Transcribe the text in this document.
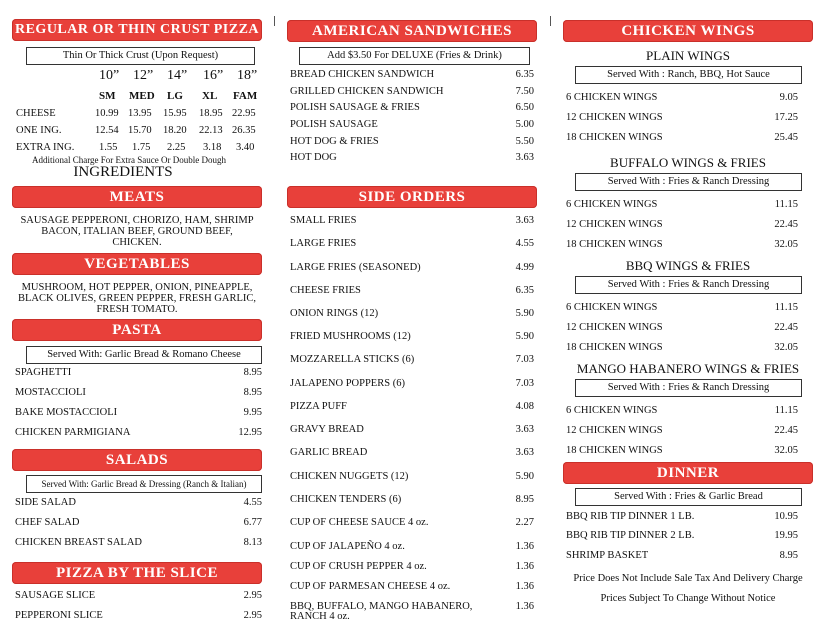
REGULAR OR THIN CRUST PIZZA
Thin Or Thick Crust (Upon Request)
10” 12” 14” 16” 18”
SM MED LG XL FAM
CHEESE	10.99 13.95 15.95 18.95 22.95
ONE ING.	12.54 15.70 18.20 22.13 26.35
EXTRA ING. 1.55 1.75 2.25 3.18 3.40
Additional Charge For Extra Sauce Or Double Dough
INGREDIENTS
MEATS
SAUSAGE PEPPERONI, CHORIZO, HAM, SHRIMP
BACON, ITALIAN BEEF, GROUND BEEF,
CHICKEN.
VEGETABLES
MUSHROOM, HOT PEPPER, ONION, PINEAPPLE,
BLACK OLIVES, GREEN PEPPER, FRESH GARLIC,
FRESH TOMATO.
PASTA
Served With: Garlic Bread & Romano Cheese
SPAGHETTI	8.95
MOSTACCIOLI	8.95
BAKE MOSTACCIOLI	9.95
CHICKEN PARMIGIANA	12.95
SALADS
Served With: Garlic Bread & Dressing (Ranch & Italian)
SIDE SALAD	4.55
CHEF SALAD	6.77
CHICKEN BREAST SALAD	8.13
PIZZA BY THE SLICE
SAUSAGE SLICE	2.95
PEPPERONI SLICE	2.95
AMERICAN SANDWICHES
Add $3.50 For DELUXE (Fries & Drink)
BREAD CHICKEN SANDWICH	6.35
GRILLED CHICKEN SANDWICH	7.50
POLISH SAUSAGE & FRIES	6.50
POLISH SAUSAGE	5.00
HOT DOG & FRIES	5.50
HOT DOG	3.63
SIDE ORDERS
SMALL FRIES	3.63
LARGE FRIES	4.55
LARGE FRIES (SEASONED)	4.99
CHEESE FRIES	6.35
ONION RINGS (12)	5.90
FRIED MUSHROOMS (12)	5.90
MOZZARELLA STICKS (6)	7.03
JALAPENO POPPERS (6)	7.03
PIZZA PUFF	4.08
GRAVY BREAD	3.63
GARLIC BREAD	3.63
CHICKEN NUGGETS (12)	5.90
CHICKEN TENDERS (6)	8.95
CUP OF CHEESE SAUCE 4 oz.	2.27
CUP OF JALAPEÑO 4 oz.	1.36
CUP OF CRUSH PEPPER 4 oz.	1.36
CUP OF PARMESAN CHEESE 4 oz.	1.36
BBQ, BUFFALO, MANGO HABANERO,
RANCH 4 oz.
1.36
CHICKEN WINGS
PLAIN WINGS
Served With : Ranch, BBQ, Hot Sauce
6 CHICKEN WINGS	9.05
12 CHICKEN WINGS	17.25
18 CHICKEN WINGS	25.45
BUFFALO WINGS & FRIES
Served With : Fries & Ranch Dressing
6 CHICKEN WINGS	11.15
12 CHICKEN WINGS	22.45
18 CHICKEN WINGS	32.05
BBQ WINGS & FRIES
Served With : Fries & Ranch Dressing
6 CHICKEN WINGS	11.15
12 CHICKEN WINGS	22.45
18 CHICKEN WINGS	32.05
MANGO HABANERO WINGS & FRIES
Served With : Fries & Ranch Dressing
6 CHICKEN WINGS	11.15
12 CHICKEN WINGS	22.45
18 CHICKEN WINGS	32.05
DINNER
Served With : Fries & Garlic Bread
BBQ RIB TIP DINNER 1 LB.	10.95
BBQ RIB TIP DINNER 2 LB.	19.95
SHRIMP BASKET	8.95
Price Does Not Include Sale Tax And Delivery Charge
Prices Subject To Change Without Notice
